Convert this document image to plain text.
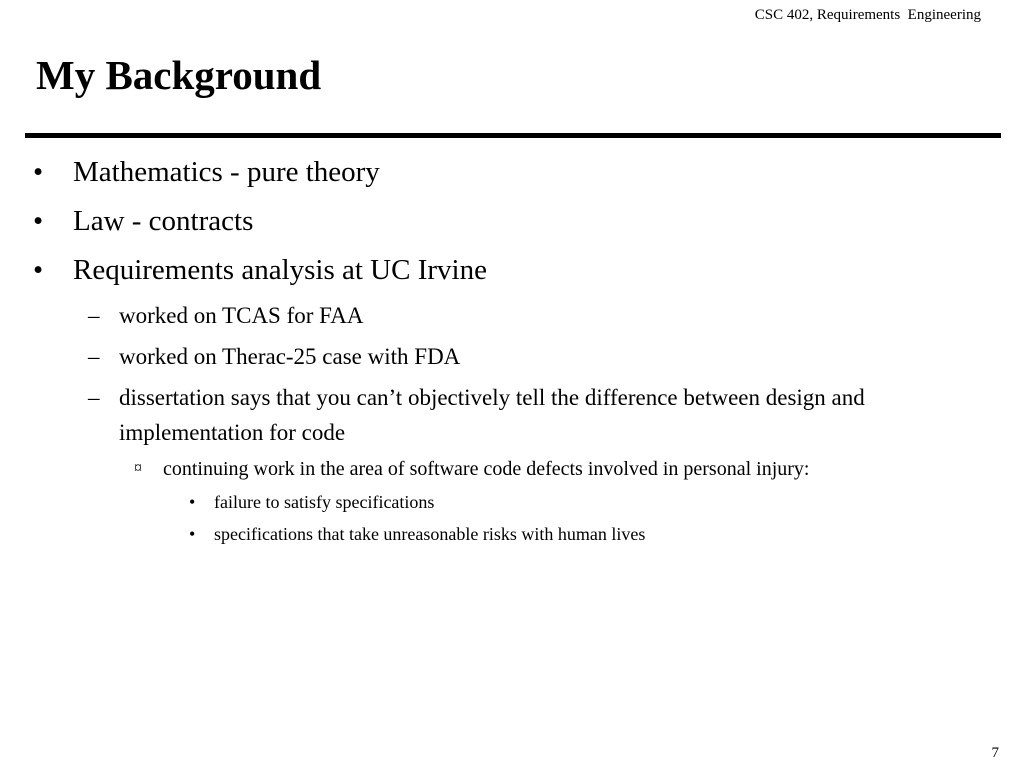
CSC 402, Requirements  Engineering
My Background
• Mathematics - pure theory
• Law - contracts
• Requirements analysis at UC Irvine
– worked on TCAS for FAA
– worked on Therac-25 case with FDA
– dissertation says that you can’t objectively tell the difference between design and implementation for code
¤ continuing work in the area of software code defects involved in personal injury:
• failure to satisfy specifications
• specifications that take unreasonable risks with human lives
7
